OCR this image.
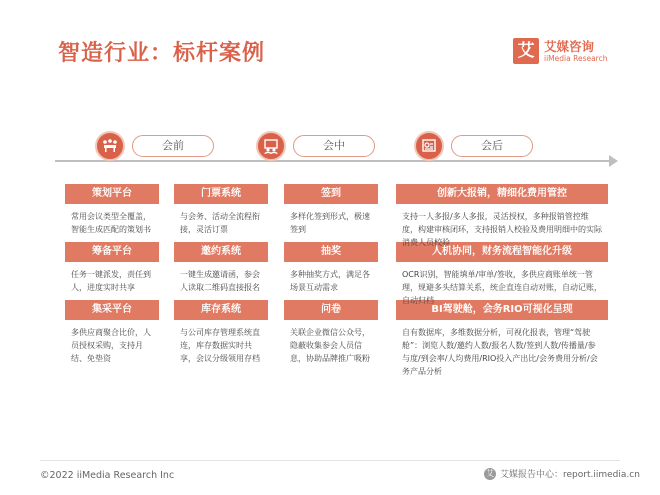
智造行业：标杆案例	艾 艾媒咨询
iiMedia Research
会前	会中	会后
策划平台
常用会议类型全覆盖，智能生成匹配的策划书
筹备平台
任务一键派发，责任到人，进度实时共享
集采平台
多供应商聚合比价，人员授权采购，支持月结、免垫资
门票系统
与会务、活动全流程衔接，灵活订票
邀约系统
一键生成邀请函，参会人读取二维码直接报名
库存系统
与公司库存管理系统直连，库存数据实时共享，会议分级领用存档
签到
多样化签到形式，极速签到
抽奖
多种抽奖方式，满足各场景互动需求
问卷
关联企业微信公众号，隐蔽收集参会人员信息，协助品牌推广吸粉
创新大报销，精细化费用管控
支持一人多报/多人多报，灵活授权，多种报销管控维度，构建审核闭环，支持报销人校验及费用明细中的实际消费人员校验
人机协同，财务流程智能化升级
OCR识别，智能填单/审单/签收，多供应商账单统一管理，规避多头结算关系，统企直连自动对账，自动记账，自动归档
BI驾驶舱，会务RIO可视化呈现
自有数据库，多维数据分析，可视化报表，管理“驾驶舱”：浏览人数/邀约人数/报名人数/签到人数/传播量/参与度/到会率/人均费用/RIO投入产出比/会务费用分析/会务产品分析
©2022 iiMedia Research Inc	艾 艾媒报告中心：report.iimedia.cn
